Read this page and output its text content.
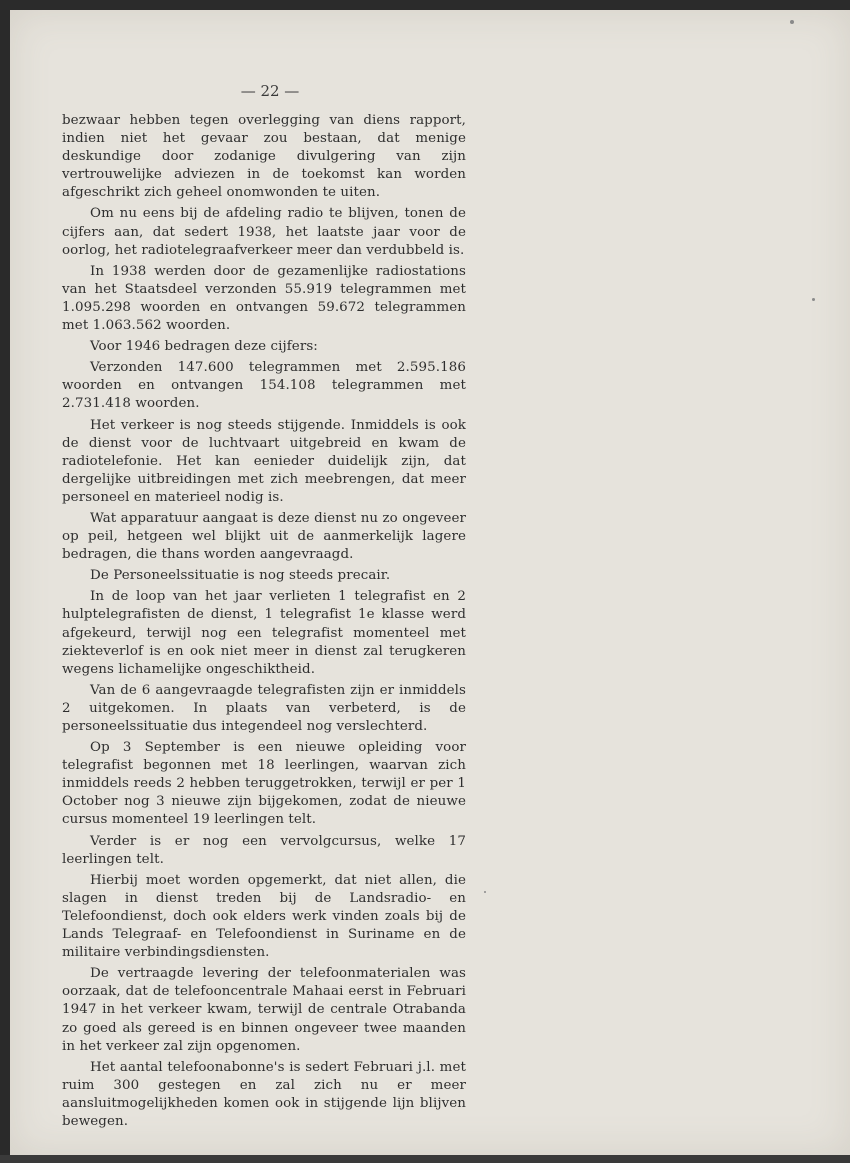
— 22 —

bezwaar hebben tegen overlegging van diens rapport, indien niet het gevaar zou bestaan, dat menige deskundige door zodanige divulgering van zijn vertrouwelijke adviezen in de toekomst kan worden afgeschrikt zich geheel onomwonden te uiten.

Om nu eens bij de afdeling radio te blijven, tonen de cijfers aan, dat sedert 1938, het laatste jaar voor de oorlog, het radiotelegraafverkeer meer dan verdubbeld is.

In 1938 werden door de gezamenlijke radiostations van het Staatsdeel verzonden 55.919 telegrammen met 1.095.298 woorden en ontvangen 59.672 telegrammen met 1.063.562 woorden.

Voor 1946 bedragen deze cijfers:

Verzonden 147.600 telegrammen met 2.595.186 woorden en ontvangen 154.108 telegrammen met 2.731.418 woorden.

Het verkeer is nog steeds stijgende. Inmiddels is ook de dienst voor de luchtvaart uitgebreid en kwam de radiotelefonie. Het kan eenieder duidelijk zijn, dat dergelijke uitbreidingen met zich meebrengen, dat meer personeel en materieel nodig is.

Wat apparatuur aangaat is deze dienst nu zo ongeveer op peil, hetgeen wel blijkt uit de aanmerkelijk lagere bedragen, die thans worden aangevraagd.

De Personeelssituatie is nog steeds precair.

In de loop van het jaar verlieten 1 telegrafist en 2 hulptelegrafisten de dienst, 1 telegrafist 1e klasse werd afgekeurd, terwijl nog een telegrafist momenteel met ziekteverlof is en ook niet meer in dienst zal terugkeren wegens lichamelijke ongeschiktheid.

Van de 6 aangevraagde telegrafisten zijn er inmiddels 2 uitgekomen. In plaats van verbeterd, is de personeelssituatie dus integendeel nog verslechterd.

Op 3 September is een nieuwe opleiding voor telegrafist begonnen met 18 leerlingen, waarvan zich inmiddels reeds 2 hebben teruggetrokken, terwijl er per 1 October nog 3 nieuwe zijn bijgekomen, zodat de nieuwe cursus momenteel 19 leerlingen telt.

Verder is er nog een vervolgcursus, welke 17 leerlingen telt.

Hierbij moet worden opgemerkt, dat niet allen, die slagen in dienst treden bij de Landsradio- en Telefoondienst, doch ook elders werk vinden zoals bij de Lands Telegraaf- en Telefoondienst in Suriname en de militaire verbindingsdiensten.

De vertraagde levering der telefoonmaterialen was oorzaak, dat de telefooncentrale Mahaai eerst in Februari 1947 in het verkeer kwam, terwijl de centrale Otrabanda zo goed als gereed is en binnen ongeveer twee maanden in het verkeer zal zijn opgenomen.

Het aantal telefoonabonne's is sedert Februari j.l. met ruim 300 gestegen en zal zich nu er meer aansluitmogelijkheden komen ook in stijgende lijn blijven bewegen.
